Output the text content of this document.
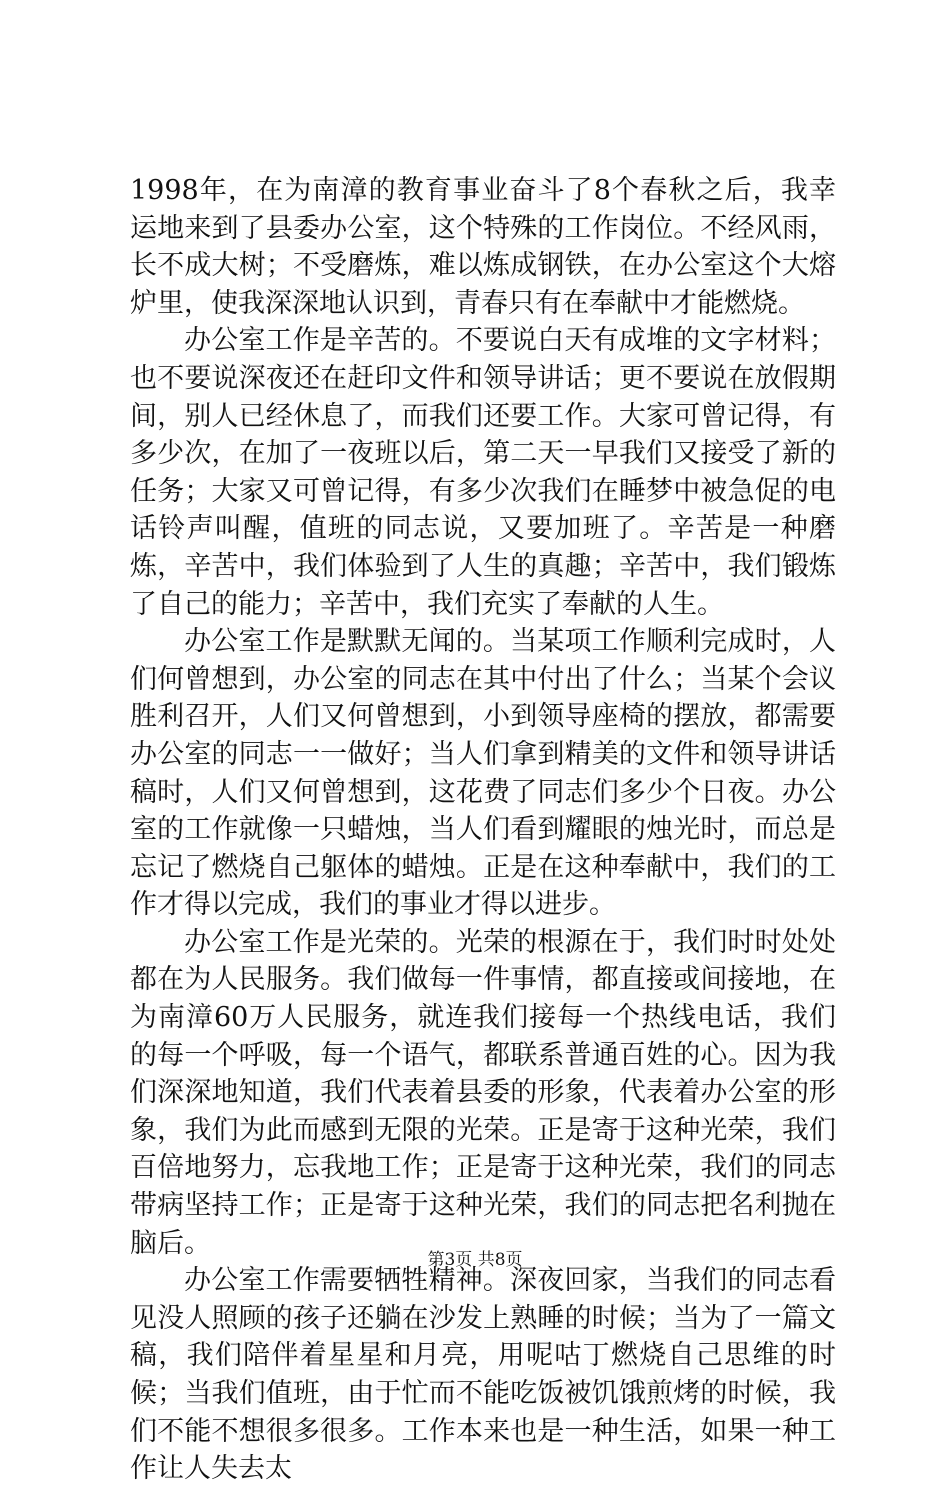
1998年，在为南漳的教育事业奋斗了8个春秋之后，我幸运地来到了县委办公室，这个特殊的工作岗位。不经风雨，长不成大树；不受磨炼，难以炼成钢铁，在办公室这个大熔炉里，使我深深地认识到，青春只有在奉献中才能燃烧。

办公室工作是辛苦的。不要说白天有成堆的文字材料；也不要说深夜还在赶印文件和领导讲话；更不要说在放假期间，别人已经休息了，而我们还要工作。大家可曾记得，有多少次，在加了一夜班以后，第二天一早我们又接受了新的任务；大家又可曾记得，有多少次我们在睡梦中被急促的电话铃声叫醒，值班的同志说，又要加班了。辛苦是一种磨炼，辛苦中，我们体验到了人生的真趣；辛苦中，我们锻炼了自己的能力；辛苦中，我们充实了奉献的人生。

办公室工作是默默无闻的。当某项工作顺利完成时，人们何曾想到，办公室的同志在其中付出了什么；当某个会议胜利召开，人们又何曾想到，小到领导座椅的摆放，都需要办公室的同志一一做好；当人们拿到精美的文件和领导讲话稿时，人们又何曾想到，这花费了同志们多少个日夜。办公室的工作就像一只蜡烛，当人们看到耀眼的烛光时，而总是忘记了燃烧自己躯体的蜡烛。正是在这种奉献中，我们的工作才得以完成，我们的事业才得以进步。

办公室工作是光荣的。光荣的根源在于，我们时时处处都在为人民服务。我们做每一件事情，都直接或间接地，在为南漳60万人民服务，就连我们接每一个热线电话，我们的每一个呼吸，每一个语气，都联系普通百姓的心。因为我们深深地知道，我们代表着县委的形象，代表着办公室的形象，我们为此而感到无限的光荣。正是寄于这种光荣，我们百倍地努力，忘我地工作；正是寄于这种光荣，我们的同志带病坚持工作；正是寄于这种光荣，我们的同志把名利抛在脑后。

办公室工作需要牺牲精神。深夜回家，当我们的同志看见没人照顾的孩子还躺在沙发上熟睡的时候；当为了一篇文稿，我们陪伴着星星和月亮，用呢咕丁燃烧自己思维的时候；当我们值班，由于忙而不能吃饭被饥饿煎烤的时候，我们不能不想很多很多。工作本来也是一种生活，如果一种工作让人失去太

第3页 共8页
